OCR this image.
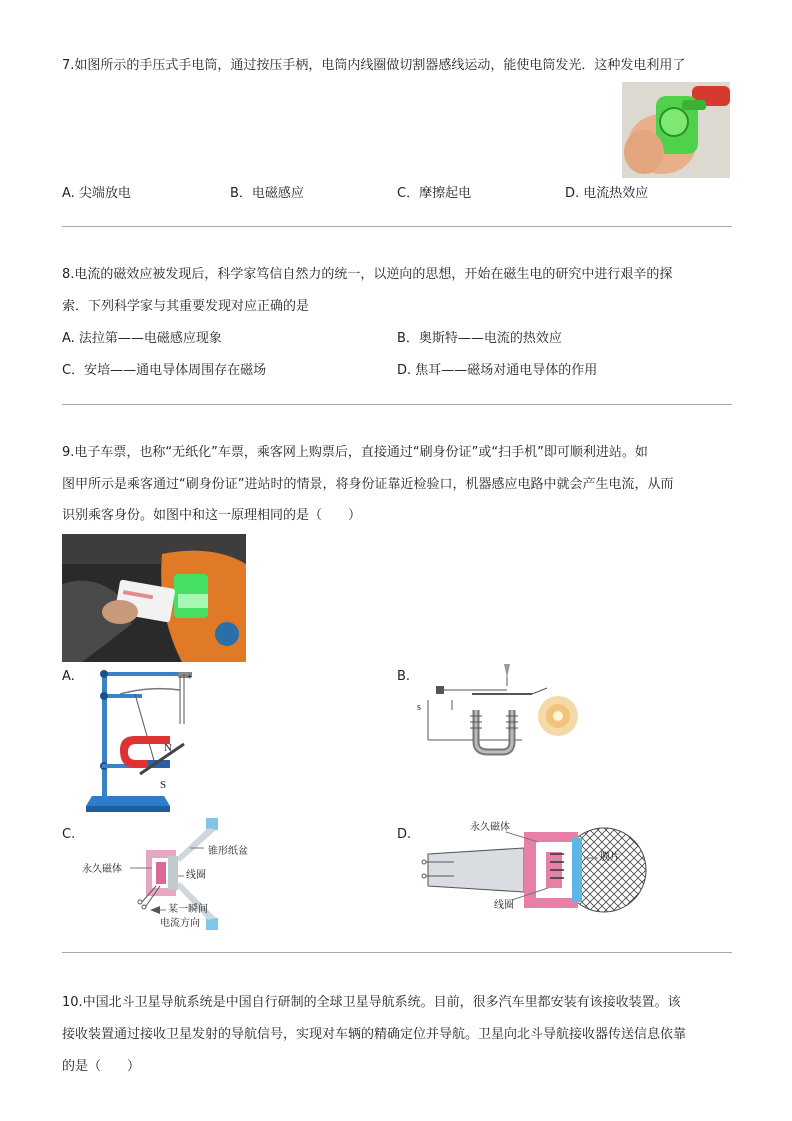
7.如图所示的手压式手电筒，通过按压手柄，电筒内线圈做切割器感线运动，能使电筒发光．这种发电利用了
A. 尖端放电	B．电磁感应	C．摩擦起电	D. 电流热效应
8.电流的磁效应被发现后，科学家笃信自然力的统一，以逆向的思想，开始在磁生电的研究中进行艰辛的探
索．下列科学家与其重要发现对应正确的是
A. 法拉第——电磁感应现象	B．奥斯特——电流的热效应
C．安培——通电导体周围存在磁场	D. 焦耳——磁场对通电导体的作用
9.电子车票，也称“无纸化”车票，乘客网上购票后，直接通过“刷身份证”或“扫手机”即可顺利进站。如
图甲所示是乘客通过“刷身份证”进站时的情景，将身份证靠近检验口，机器感应电路中就会产生电流，从而
识别乘客身份。如图中和这一原理相同的是（　　）
A.	+
N
S
B.
s
C.
锥形纸盆
永久磁体
线圈
某一瞬间
电流方向
D.	永久磁体
膜片
线圈
10.中国北斗卫星导航系统是中国自行研制的全球卫星导航系统。目前，很多汽车里都安装有该接收装置。该
接收装置通过接收卫星发射的导航信号，实现对车辆的精确定位并导航。卫星向北斗导航接收器传送信息依靠
的是（　　）
